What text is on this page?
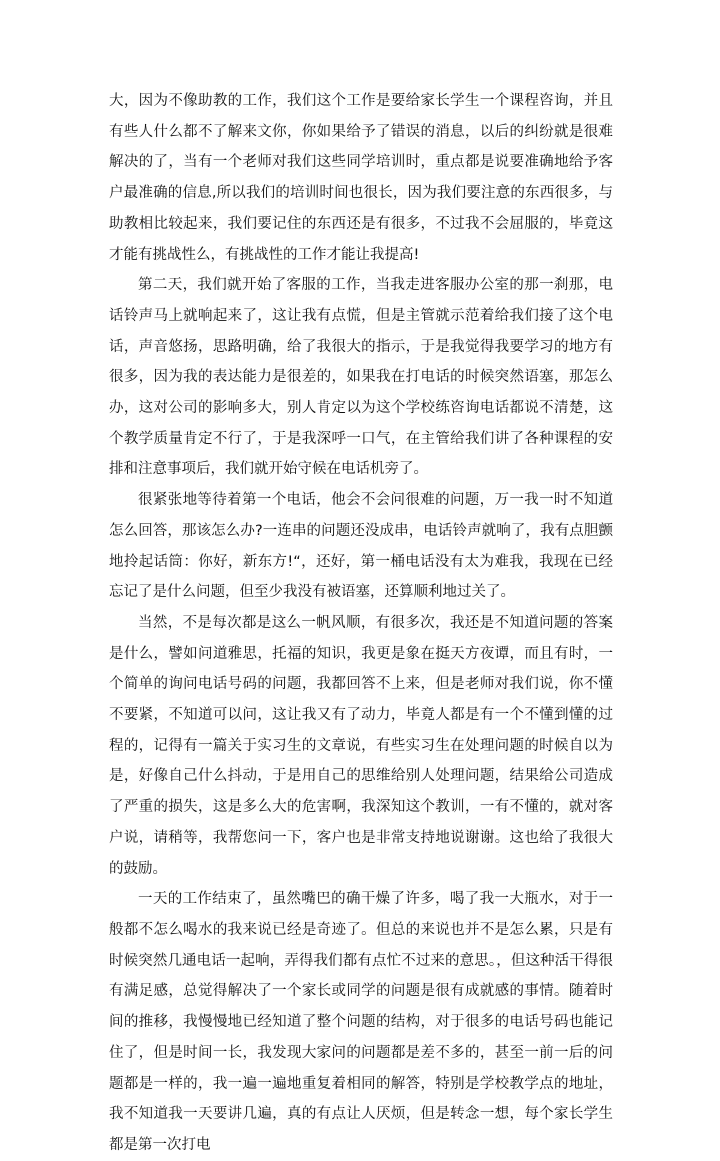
大，因为不像助教的工作，我们这个工作是要给家长学生一个课程咨询，并且有些人什么都不了解来文你，你如果给予了错误的消息，以后的纠纷就是很难解决的了，当有一个老师对我们这些同学培训时，重点都是说要准确地给予客户最准确的信息,所以我们的培训时间也很长，因为我们要注意的东西很多，与助教相比较起来，我们要记住的东西还是有很多，不过我不会屈服的，毕竟这才能有挑战性么，有挑战性的工作才能让我提高!

第二天，我们就开始了客服的工作，当我走进客服办公室的那一刹那，电话铃声马上就响起来了，这让我有点慌，但是主管就示范着给我们接了这个电话，声音悠扬，思路明确，给了我很大的指示，于是我觉得我要学习的地方有很多，因为我的表达能力是很差的，如果我在打电话的时候突然语塞，那怎么办，这对公司的影响多大，别人肯定以为这个学校练咨询电话都说不清楚，这个教学质量肯定不行了，于是我深呼一口气，在主管给我们讲了各种课程的安排和注意事项后，我们就开始守候在电话机旁了。

很紧张地等待着第一个电话，他会不会问很难的问题，万一我一时不知道怎么回答，那该怎么办?一连串的问题还没成串，电话铃声就响了，我有点胆颤地拎起话筒：你好，新东方!“，还好，第一桶电话没有太为难我，我现在已经忘记了是什么问题，但至少我没有被语塞，还算顺利地过关了。

当然，不是每次都是这么一帆风顺，有很多次，我还是不知道问题的答案是什么，譬如问道雅思，托福的知识，我更是象在挺天方夜谭，而且有时，一个简单的询问电话号码的问题，我都回答不上来，但是老师对我们说，你不懂不要紧，不知道可以问，这让我又有了动力，毕竟人都是有一个不懂到懂的过程的，记得有一篇关于实习生的文章说，有些实习生在处理问题的时候自以为是，好像自己什么抖动，于是用自己的思维给别人处理问题，结果给公司造成了严重的损失，这是多么大的危害啊，我深知这个教训，一有不懂的，就对客户说，请稍等，我帮您问一下，客户也是非常支持地说谢谢。这也给了我很大的鼓励。

一天的工作结束了，虽然嘴巴的确干燥了许多，喝了我一大瓶水，对于一般都不怎么喝水的我来说已经是奇迹了。但总的来说也并不是怎么累，只是有时候突然几通电话一起响，弄得我们都有点忙不过来的意思。，但这种活干得很有满足感，总觉得解决了一个家长或同学的问题是很有成就感的事情。随着时间的推移，我慢慢地已经知道了整个问题的结构，对于很多的电话号码也能记住了，但是时间一长，我发现大家问的问题都是差不多的，甚至一前一后的问题都是一样的，我一遍一遍地重复着相同的解答，特别是学校教学点的地址，我不知道我一天要讲几遍，真的有点让人厌烦，但是转念一想，每个家长学生都是第一次打电
